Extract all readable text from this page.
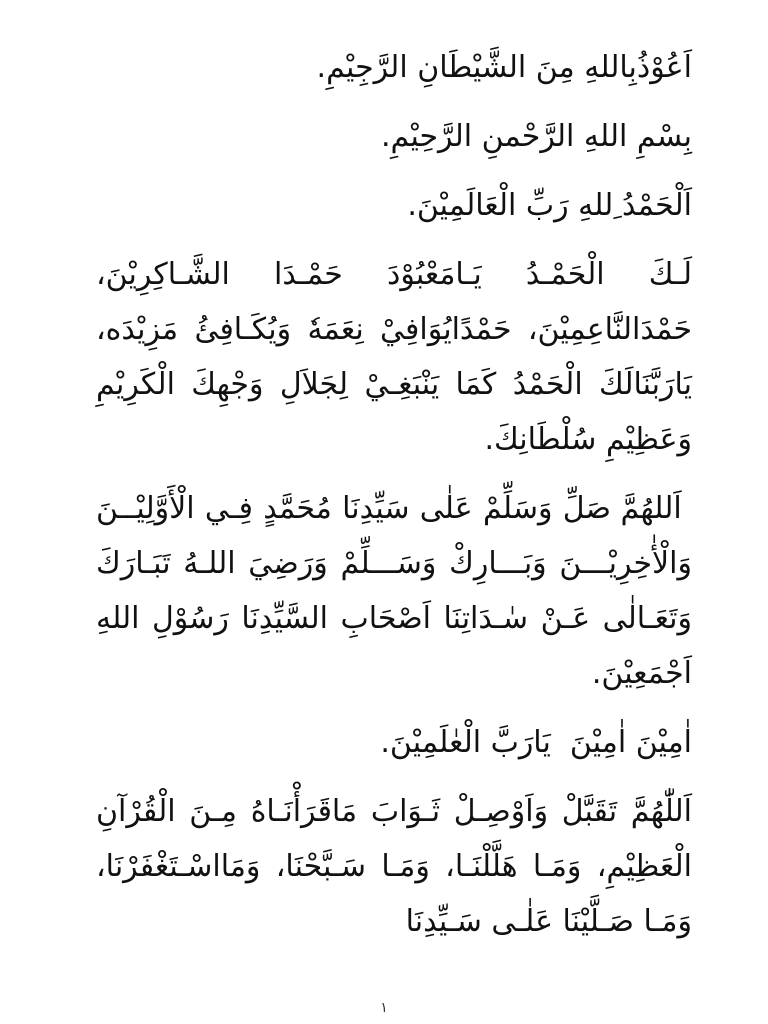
اَعُوْذُبِاللهِ مِنَ الشَّيْطَانِ الرَّجِيْمِ.

بِسْمِ اللهِ الرَّحْمنِ الرَّحِيْمِ.

اَلْحَمْدُ ِللهِ رَبِّ الْعَالَمِيْنَ.

لَـكَ الْحَمْـدُ يَـامَعْبُوْدَ حَمْـدَا الشَّـاكِرِيْنَ، حَمْدَالنَّاعِمِيْنَ، حَمْدًايُوَافِيْ نِعَمَهٗ وَيُكَـافِئُ مَزِيْدَه، يَارَبَّنَالَكَ الْحَمْدُ كَمَا يَنْبَغِـيْ لِجَلاَلِ وَجْهِكَ الْكَرِيْمِ وَعَظِيْمِ سُلْطَانِكَ.

اَللهُمَّ صَلِّ وَسَلِّمْ عَلٰى سَيِّدِنَا مُحَمَّدٍ فِـي الْأَوَّلِيْــنَ وَالْأٰخِرِيْـــنَ وَبَـــارِكْ وَسَـــلِّمْ وَرَضِيَ اللـهُ تَبَـارَكَ وَتَعَـالٰى عَـنْ سٰـدَاتِنَا اَصْحَابِ السَّيِّدِنَا رَسُوْلِ اللهِ اَجْمَعِيْنَ.

اٰمِيْنَ اٰمِيْنَ  يَارَبَّ الْعٰلَمِيْنَ.

اَللّٰهُمَّ تَقَبَّلْ وَاَوْصِـلْ ثَـوَابَ مَاقَرَأْنَـاهُ مِـنَ الْقُرْآنِ الْعَظِيْمِ، وَمَـا هَلَّلْنَـا، وَمَـا سَـبَّحْنَا، وَمَااسْـتَغْفَرْنَا، وَمَـا صَـلَّيْنَا عَلٰـى سَـيِّدِنَا

١
